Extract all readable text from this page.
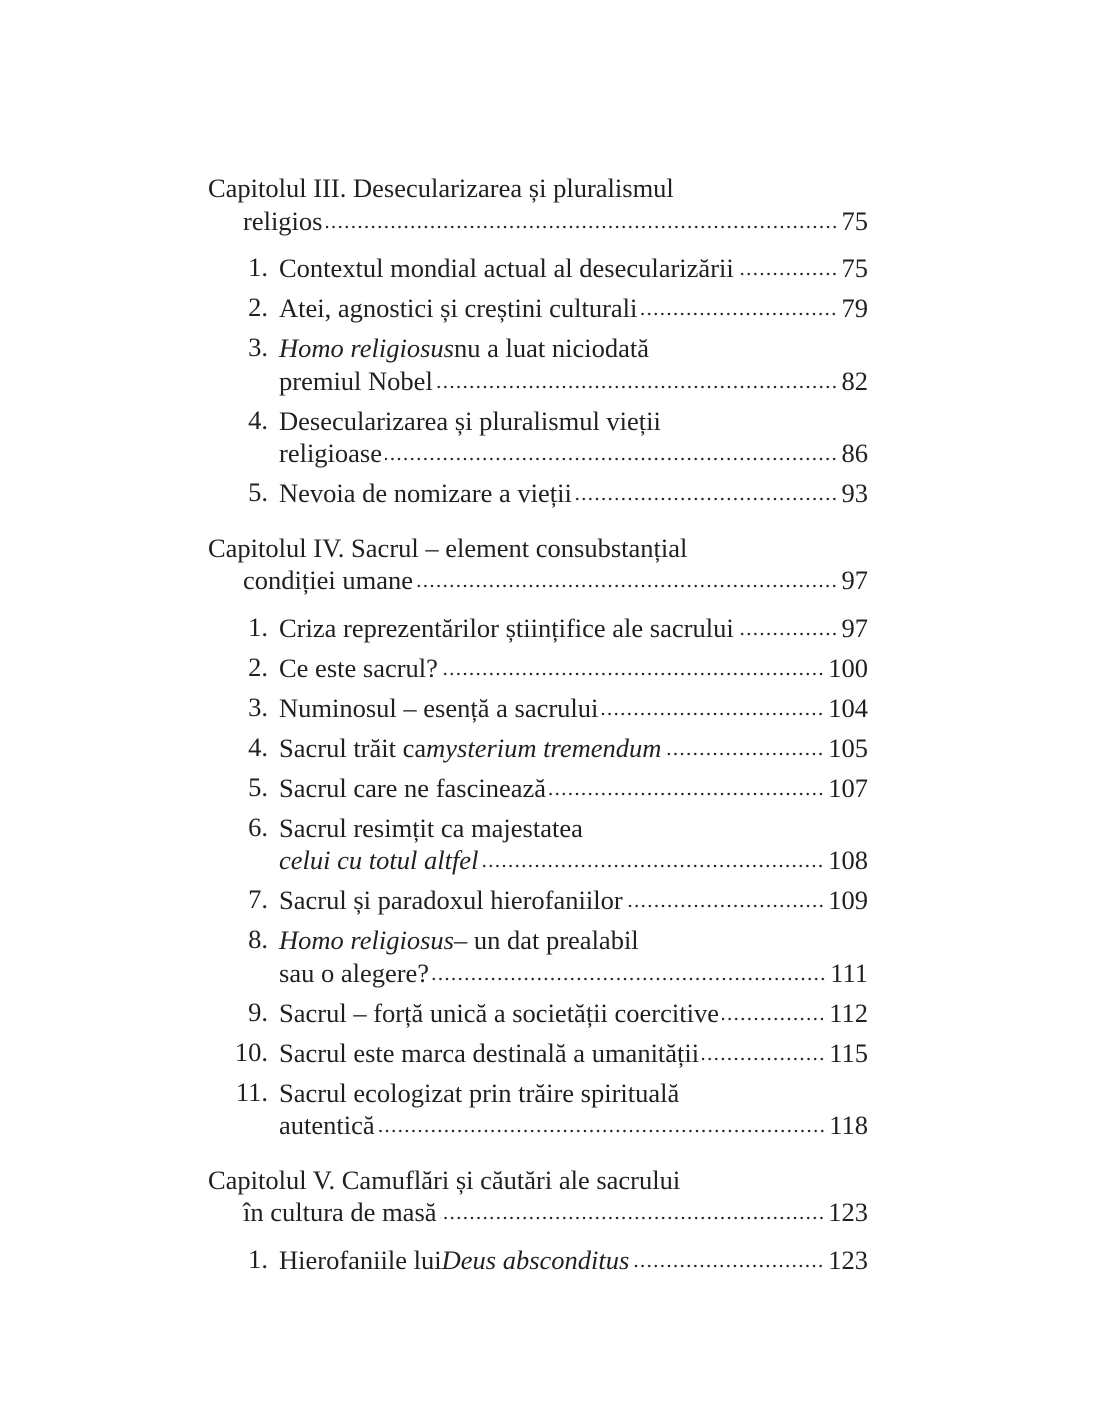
Capitolul III. Desecularizarea și pluralismul
religios	75
1. Contextul mondial actual al desecularizării	75
2. Atei, agnostici și creștini culturali	79
3. Homo religiosus nu a luat niciodată
premiul Nobel	82
4. Desecularizarea și pluralismul vieții
religioase	86
5. Nevoia de nomizare a vieții	93
Capitolul IV. Sacrul – element consubstanțial
condiției umane	97
1. Criza reprezentărilor științifice ale sacrului	97
2. Ce este sacrul?	100
3. Numinosul – esență a sacrului	104
4. Sacrul trăit ca mysterium tremendum	105
5. Sacrul care ne fascinează	107
6. Sacrul resimțit ca majestatea
celui cu totul altfel	108
7. Sacrul și paradoxul hierofaniilor	109
8. Homo religiosus – un dat prealabil
sau o alegere?	111
9. Sacrul – forță unică a societății coercitive	112
10. Sacrul este marca destinală a umanității	115
11. Sacrul ecologizat prin trăire spirituală
autentică	118
Capitolul V. Camuflări și căutări ale sacrului
în cultura de masă	123
1. Hierofaniile lui Deus absconditus	123
